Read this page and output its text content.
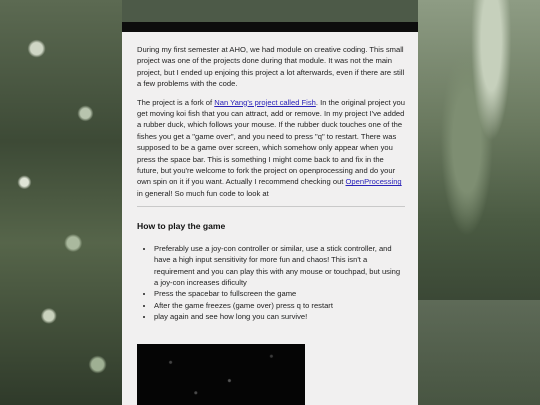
During my first semester at AHO, we had module on creative coding. This small project was one of the projects done during that module. It was not the main project, but I ended up enjoing this project a lot afterwards, even if there are still a few problems with the code.

The project is a fork of Nan Yang's project called Fish. In the original project you get moving koi fish that you can attract, add or remove. In my project I've added a rubber duck, which follows your mouse. If the rubber duck touches one of the fishes you get a "game over", and you need to press "q" to restart. There was supposed to be a game over screen, which somehow only appear when you press the space bar. This is something I might come back to and fix in the future, but you're welcome to fork the project on openprocessing and do your own spin on it if you want. Actually I recommend checking out OpenProcessing in general! So much fun code to look at

How to play the game
• Preferably use a joy-con controller or similar, use a stick controller, and have a high input sensitivity for more fun and chaos! This isn't a requirement and you can play this with any mouse or touchpad, but using a joy-con increases dificulty
• Press the spacebar to fullscreen the game
• After the game freezes (game over) press q to restart
• play again and see how long you can survive!
